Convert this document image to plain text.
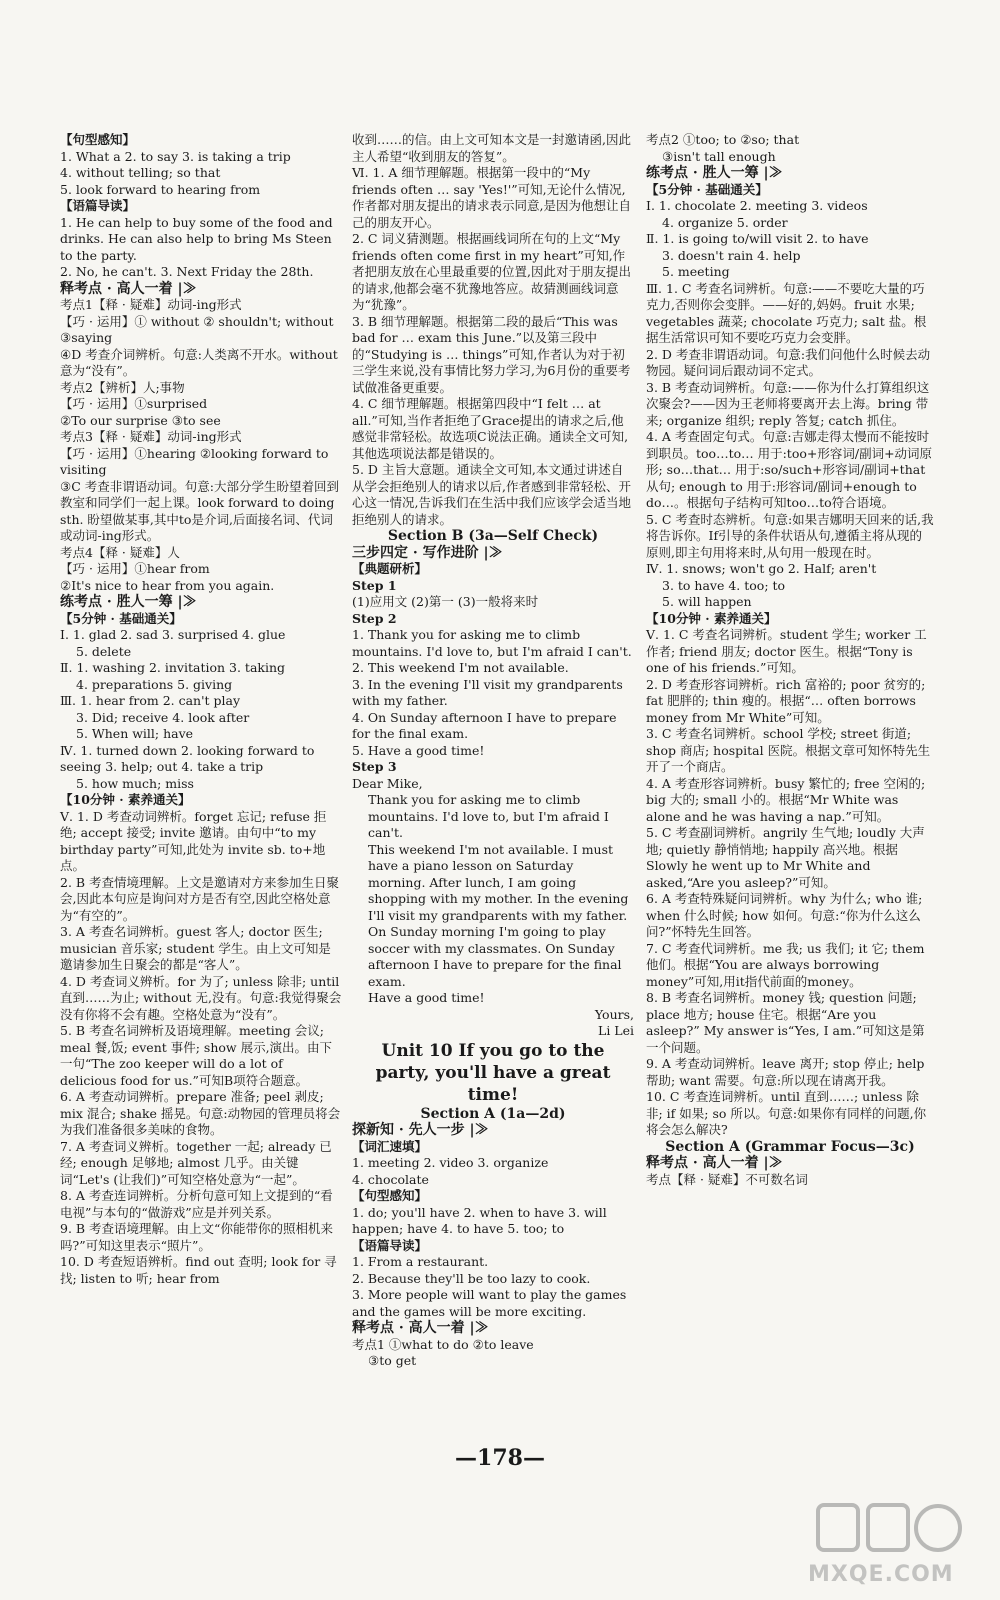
【句型感知】

1. What a 2. to say 3. is taking a trip

4. without telling; so that

5. look forward to hearing from

【语篇导读】

1. He can help to buy some of the food and drinks. He can also help to bring Ms Steen to the party.

2. No, he can't. 3. Next Friday the 28th.

释考点 · 高人一着 |≫

考点1【释 · 疑难】动词-ing形式

【巧 · 运用】① without ② shouldn't; without ③saying

④D 考查介词辨析。句意:人类离不开水。without意为“没有”。

考点2【辨析】人;事物

【巧 · 运用】①surprised

②To our surprise ③to see

考点3【释 · 疑难】动词-ing形式

【巧 · 运用】①hearing ②looking forward to visiting

③C 考查非谓语动词。句意:大部分学生盼望着回到教室和同学们一起上课。look forward to doing sth. 盼望做某事,其中to是介词,后面接名词、代词或动词-ing形式。

考点4【释 · 疑难】人

【巧 · 运用】①hear from

②It's nice to hear from you again.

练考点 · 胜人一筹 |≫

【5分钟 · 基础通关】

Ⅰ. 1. glad 2. sad 3. surprised 4. glue

5. delete

Ⅱ. 1. washing 2. invitation 3. taking

4. preparations 5. giving

Ⅲ. 1. hear from 2. can't play

3. Did; receive 4. look after

5. When will; have

Ⅳ. 1. turned down 2. looking forward to seeing 3. help; out 4. take a trip

5. how much; miss

【10分钟 · 素养通关】

Ⅴ. 1. D 考查动词辨析。forget 忘记; refuse 拒绝; accept 接受; invite 邀请。由句中“to my birthday party”可知,此处为 invite sb. to+地点。

2. B 考查情境理解。上文是邀请对方来参加生日聚会,因此本句应是询问对方是否有空,因此空格处意为“有空的”。

3. A 考查名词辨析。guest 客人; doctor 医生; musician 音乐家; student 学生。由上文可知是邀请参加生日聚会的都是“客人”。

4. D 考查词义辨析。for 为了; unless 除非; until 直到……为止; without 无,没有。句意:我觉得聚会没有你将不会有趣。空格处意为“没有”。

5. B 考查名词辨析及语境理解。meeting 会议; meal 餐,饭; event 事件; show 展示,演出。由下一句“The zoo keeper will do a lot of delicious food for us.”可知B项符合题意。

6. A 考查动词辨析。prepare 准备; peel 剥皮; mix 混合; shake 摇晃。句意:动物园的管理员将会为我们准备很多美味的食物。

7. A 考查词义辨析。together 一起; already 已经; enough 足够地; almost 几乎。由关键词“Let's (让我们)”可知空格处意为“一起”。

8. A 考查连词辨析。分析句意可知上文提到的“看电视”与本句的“做游戏”应是并列关系。

9. B 考查语境理解。由上文“你能带你的照相机来吗?”可知这里表示“照片”。

10. D 考查短语辨析。find out 查明; look for 寻找; listen to 听; hear from

收到……的信。由上文可知本文是一封邀请函,因此主人希望“收到朋友的答复”。

Ⅵ. 1. A 细节理解题。根据第一段中的“My friends often … say 'Yes!'”可知,无论什么情况,作者都对朋友提出的请求表示同意,是因为他想让自己的朋友开心。

2. C 词义猜测题。根据画线词所在句的上文“My friends often come first in my heart”可知,作者把朋友放在心里最重要的位置,因此对于朋友提出的请求,他都会毫不犹豫地答应。故猜测画线词意为“犹豫”。

3. B 细节理解题。根据第二段的最后“This was bad for … exam this June.”以及第三段中的“Studying is … things”可知,作者认为对于初三学生来说,没有事情比努力学习,为6月份的重要考试做准备更重要。

4. C 细节理解题。根据第四段中“I felt … at all.”可知,当作者拒绝了Grace提出的请求之后,他感觉非常轻松。故选项C说法正确。通读全文可知,其他选项说法都是错误的。

5. D 主旨大意题。通读全文可知,本文通过讲述自从学会拒绝别人的请求以后,作者感到非常轻松、开心这一情况,告诉我们在生活中我们应该学会适当地拒绝别人的请求。

Section B (3a—Self Check)

三步四定 · 写作进阶 |≫

【典题研析】

Step 1

(1)应用文 (2)第一 (3)一般将来时

Step 2

1. Thank you for asking me to climb mountains. I'd love to, but I'm afraid I can't.

2. This weekend I'm not available.

3. In the evening I'll visit my grandparents with my father.

4. On Sunday afternoon I have to prepare for the final exam.

5. Have a good time!

Step 3

Dear Mike,

Thank you for asking me to climb mountains. I'd love to, but I'm afraid I can't.

This weekend I'm not available. I must have a piano lesson on Saturday morning. After lunch, I am going shopping with my mother. In the evening I'll visit my grandparents with my father. On Sunday morning I'm going to play soccer with my classmates. On Sunday afternoon I have to prepare for the final exam.

Have a good time!

Yours,

Li Lei

Unit 10 If you go to the party, you'll have a great time!

Section A (1a—2d)

探新知 · 先人一步 |≫

【词汇速填】

1. meeting 2. video 3. organize

4. chocolate

【句型感知】

1. do; you'll have 2. when to have 3. will happen; have 4. to have 5. too; to

【语篇导读】

1. From a restaurant.

2. Because they'll be too lazy to cook.

3. More people will want to play the games and the games will be more exciting.

释考点 · 高人一着 |≫

考点1 ①what to do ②to leave

③to get

考点2 ①too; to ②so; that

③isn't tall enough

练考点 · 胜人一筹 |≫

【5分钟 · 基础通关】

Ⅰ. 1. chocolate 2. meeting 3. videos

4. organize 5. order

Ⅱ. 1. is going to/will visit 2. to have

3. doesn't rain 4. help

5. meeting

Ⅲ. 1. C 考查名词辨析。句意:——不要吃大量的巧克力,否则你会变胖。——好的,妈妈。fruit 水果; vegetables 蔬菜; chocolate 巧克力; salt 盐。根据生活常识可知不要吃巧克力会变胖。

2. D 考查非谓语动词。句意:我们问他什么时候去动物园。疑问词后跟动词不定式。

3. B 考查动词辨析。句意:——你为什么打算组织这次聚会?——因为王老师将要离开去上海。bring 带来; organize 组织; reply 答复; catch 抓住。

4. A 考查固定句式。句意:吉娜走得太慢而不能按时到职员。too…to… 用于:too+形容词/副词+动词原形; so…that… 用于:so/such+形容词/副词+that从句; enough to 用于:形容词/副词+enough to do…。根据句子结构可知too…to符合语境。

5. C 考查时态辨析。句意:如果吉娜明天回来的话,我将告诉你。If引导的条件状语从句,遵循主将从现的原则,即主句用将来时,从句用一般现在时。

Ⅳ. 1. snows; won't go 2. Half; aren't

3. to have 4. too; to

5. will happen

【10分钟 · 素养通关】

Ⅴ. 1. C 考查名词辨析。student 学生; worker 工作者; friend 朋友; doctor 医生。根据“Tony is one of his friends.”可知。

2. D 考查形容词辨析。rich 富裕的; poor 贫穷的; fat 肥胖的; thin 瘦的。根据“… often borrows money from Mr White”可知。

3. C 考查名词辨析。school 学校; street 街道; shop 商店; hospital 医院。根据文章可知怀特先生开了一个商店。

4. A 考查形容词辨析。busy 繁忙的; free 空闲的; big 大的; small 小的。根据“Mr White was alone and he was having a nap.”可知。

5. C 考查副词辨析。angrily 生气地; loudly 大声地; quietly 静悄悄地; happily 高兴地。根据 Slowly he went up to Mr White and asked,“Are you asleep?”可知。

6. A 考查特殊疑问词辨析。why 为什么; who 谁; when 什么时候; how 如何。句意:“你为什么这么问?”怀特先生回答。

7. C 考查代词辨析。me 我; us 我们; it 它; them 他们。根据“You are always borrowing money”可知,用it指代前面的money。

8. B 考查名词辨析。money 钱; question 问题; place 地方; house 住宅。根据“Are you asleep?” My answer is“Yes, I am.”可知这是第一个问题。

9. A 考查动词辨析。leave 离开; stop 停止; help 帮助; want 需要。句意:所以现在请离开我。

10. C 考查连词辨析。until 直到……; unless 除非; if 如果; so 所以。句意:如果你有同样的问题,你将会怎么解决?

Section A (Grammar Focus—3c)

释考点 · 高人一着 |≫

考点【释 · 疑难】不可数名词

—178—
MXQE.COM
